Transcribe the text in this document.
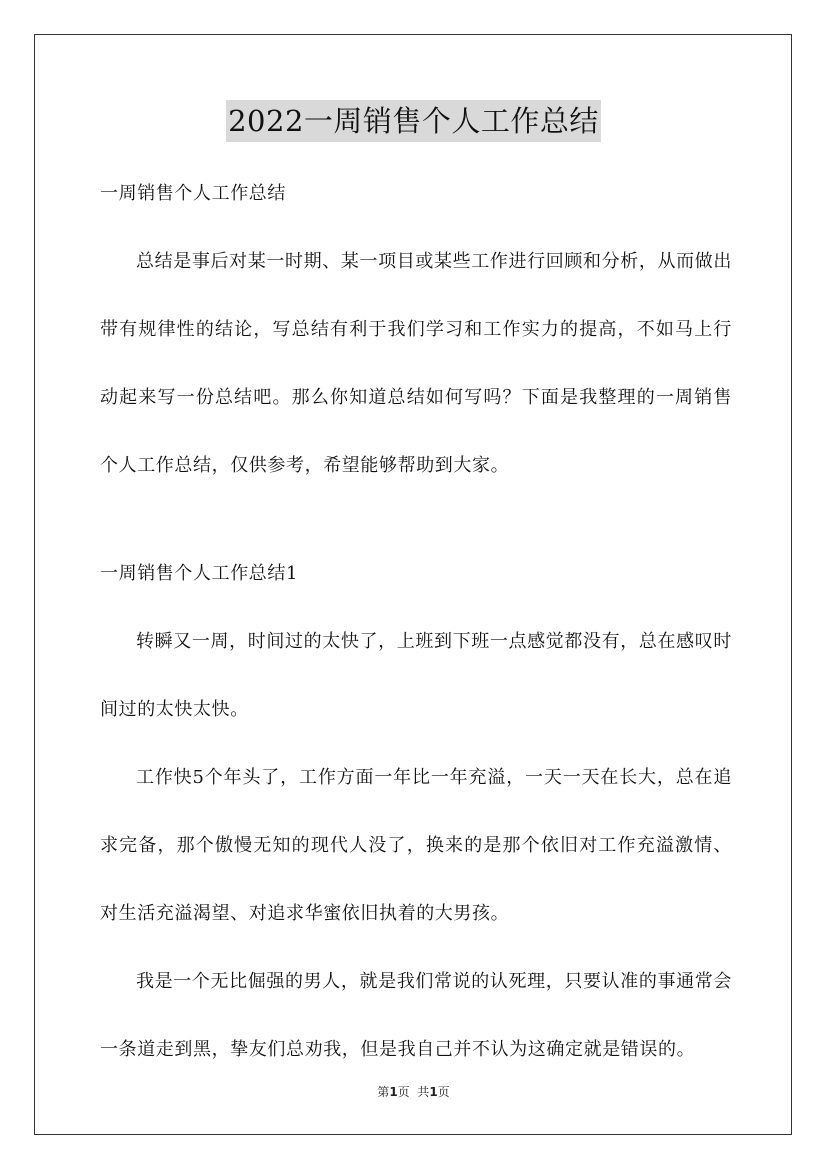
2022一周销售个人工作总结

一周销售个人工作总结

总结是事后对某一时期、某一项目或某些工作进行回顾和分析，从而做出带有规律性的结论，写总结有利于我们学习和工作实力的提高，不如马上行动起来写一份总结吧。那么你知道总结如何写吗？下面是我整理的一周销售个人工作总结，仅供参考，希望能够帮助到大家。

一周销售个人工作总结1

转瞬又一周，时间过的太快了，上班到下班一点感觉都没有，总在感叹时间过的太快太快。

工作快5个年头了，工作方面一年比一年充溢，一天一天在长大，总在追求完备，那个傲慢无知的现代人没了，换来的是那个依旧对工作充溢激情、对生活充溢渴望、对追求华蜜依旧执着的大男孩。

我是一个无比倔强的男人，就是我们常说的认死理，只要认准的事通常会一条道走到黑，挚友们总劝我，但是我自己并不认为这确定就是错误的。

第1页  共1页
